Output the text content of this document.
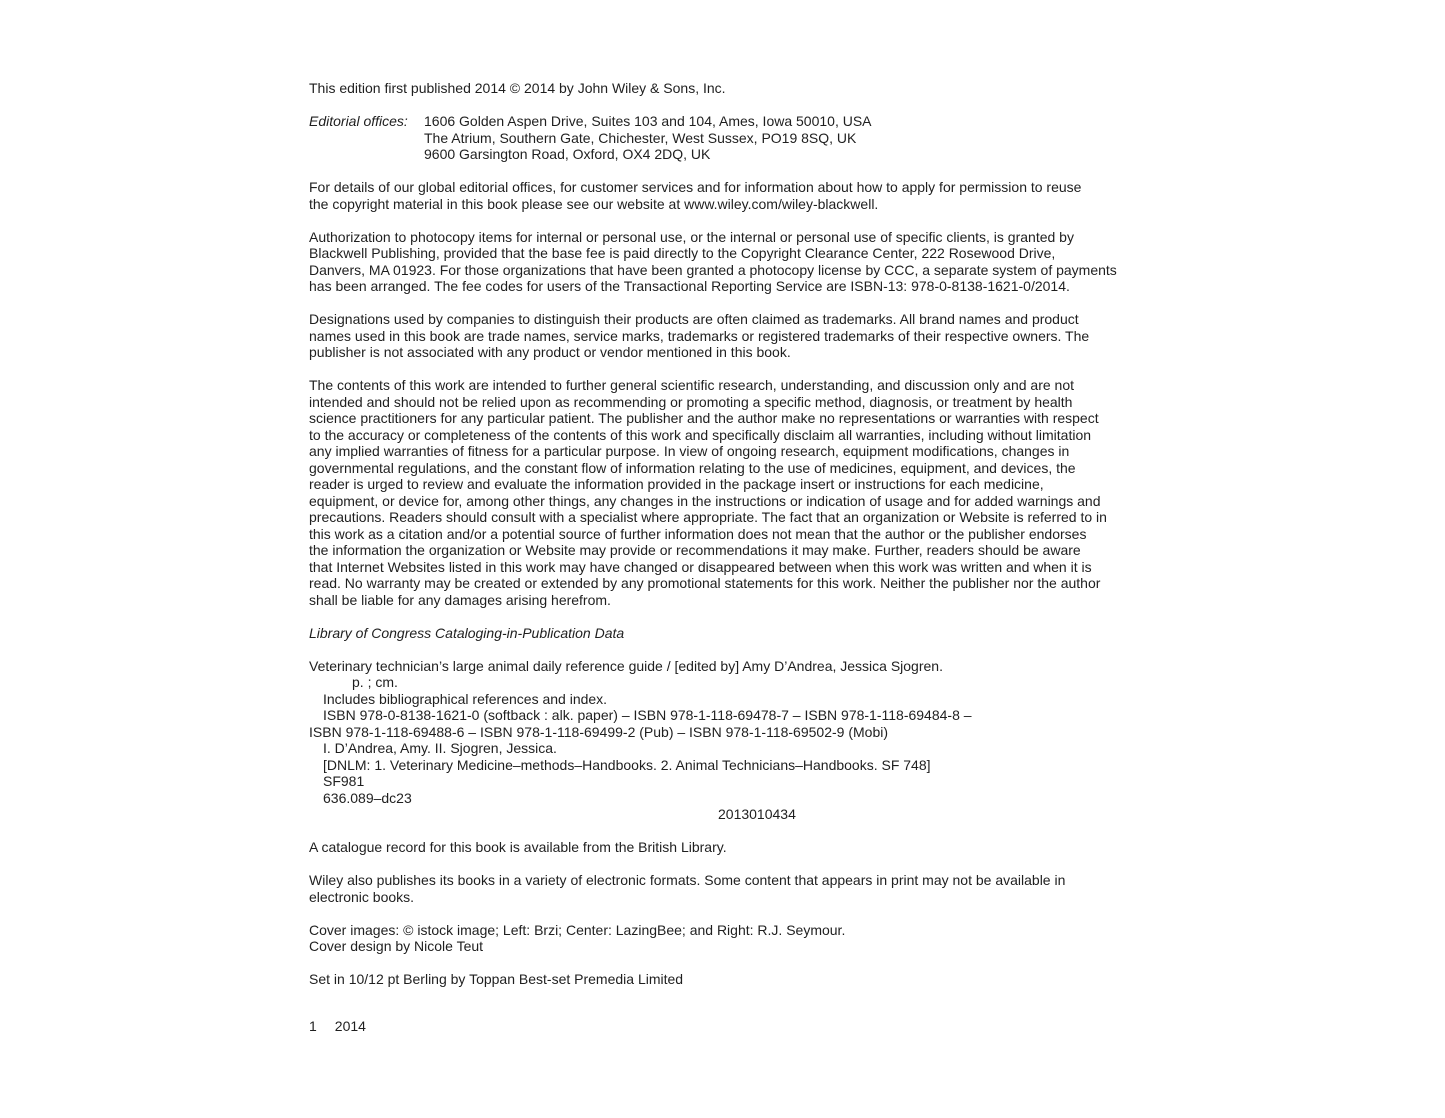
This edition first published 2014 © 2014 by John Wiley & Sons, Inc.

Editorial offices:	1606 Golden Aspen Drive, Suites 103 and 104, Ames, Iowa 50010, USA
The Atrium, Southern Gate, Chichester, West Sussex, PO19 8SQ, UK
9600 Garsington Road, Oxford, OX4 2DQ, UK

For details of our global editorial offices, for customer services and for information about how to apply for permission to reuse

the copyright material in this book please see our website at www.wiley.com/wiley-blackwell.

Authorization to photocopy items for internal or personal use, or the internal or personal use of specific clients, is granted by

Blackwell Publishing, provided that the base fee is paid directly to the Copyright Clearance Center, 222 Rosewood Drive,

Danvers, MA 01923. For those organizations that have been granted a photocopy license by CCC, a separate system of payments

has been arranged. The fee codes for users of the Transactional Reporting Service are ISBN-13: 978-0-8138-1621-0/2014.

Designations used by companies to distinguish their products are often claimed as trademarks. All brand names and product

names used in this book are trade names, service marks, trademarks or registered trademarks of their respective owners. The

publisher is not associated with any product or vendor mentioned in this book.

The contents of this work are intended to further general scientific research, understanding, and discussion only and are not

intended and should not be relied upon as recommending or promoting a specific method, diagnosis, or treatment by health

science practitioners for any particular patient. The publisher and the author make no representations or warranties with respect

to the accuracy or completeness of the contents of this work and specifically disclaim all warranties, including without limitation

any implied warranties of fitness for a particular purpose. In view of ongoing research, equipment modifications, changes in

governmental regulations, and the constant flow of information relating to the use of medicines, equipment, and devices, the

reader is urged to review and evaluate the information provided in the package insert or instructions for each medicine,

equipment, or device for, among other things, any changes in the instructions or indication of usage and for added warnings and

precautions. Readers should consult with a specialist where appropriate. The fact that an organization or Website is referred to in

this work as a citation and/or a potential source of further information does not mean that the author or the publisher endorses

the information the organization or Website may provide or recommendations it may make. Further, readers should be aware

that Internet Websites listed in this work may have changed or disappeared between when this work was written and when it is

read. No warranty may be created or extended by any promotional statements for this work. Neither the publisher nor the author

shall be liable for any damages arising herefrom.

Library of Congress Cataloging-in-Publication Data

Veterinary technician’s large animal daily reference guide / [edited by] Amy D’Andrea, Jessica Sjogren.

p. ; cm.

Includes bibliographical references and index.

ISBN 978-0-8138-1621-0 (softback : alk. paper) – ISBN 978-1-118-69478-7 – ISBN 978-1-118-69484-8 –

ISBN 978-1-118-69488-6 – ISBN 978-1-118-69499-2 (Pub) – ISBN 978-1-118-69502-9 (Mobi)

I. D’Andrea, Amy. II. Sjogren, Jessica.

[DNLM: 1. Veterinary Medicine–methods–Handbooks. 2. Animal Technicians–Handbooks. SF 748]

SF981

636.089–dc23

2013010434

A catalogue record for this book is available from the British Library.

Wiley also publishes its books in a variety of electronic formats. Some content that appears in print may not be available in

electronic books.

Cover images: © istock image; Left: Brzi; Center: LazingBee; and Right: R.J. Seymour.

Cover design by Nicole Teut

Set in 10/12 pt Berling by Toppan Best-set Premedia Limited

1 2014
